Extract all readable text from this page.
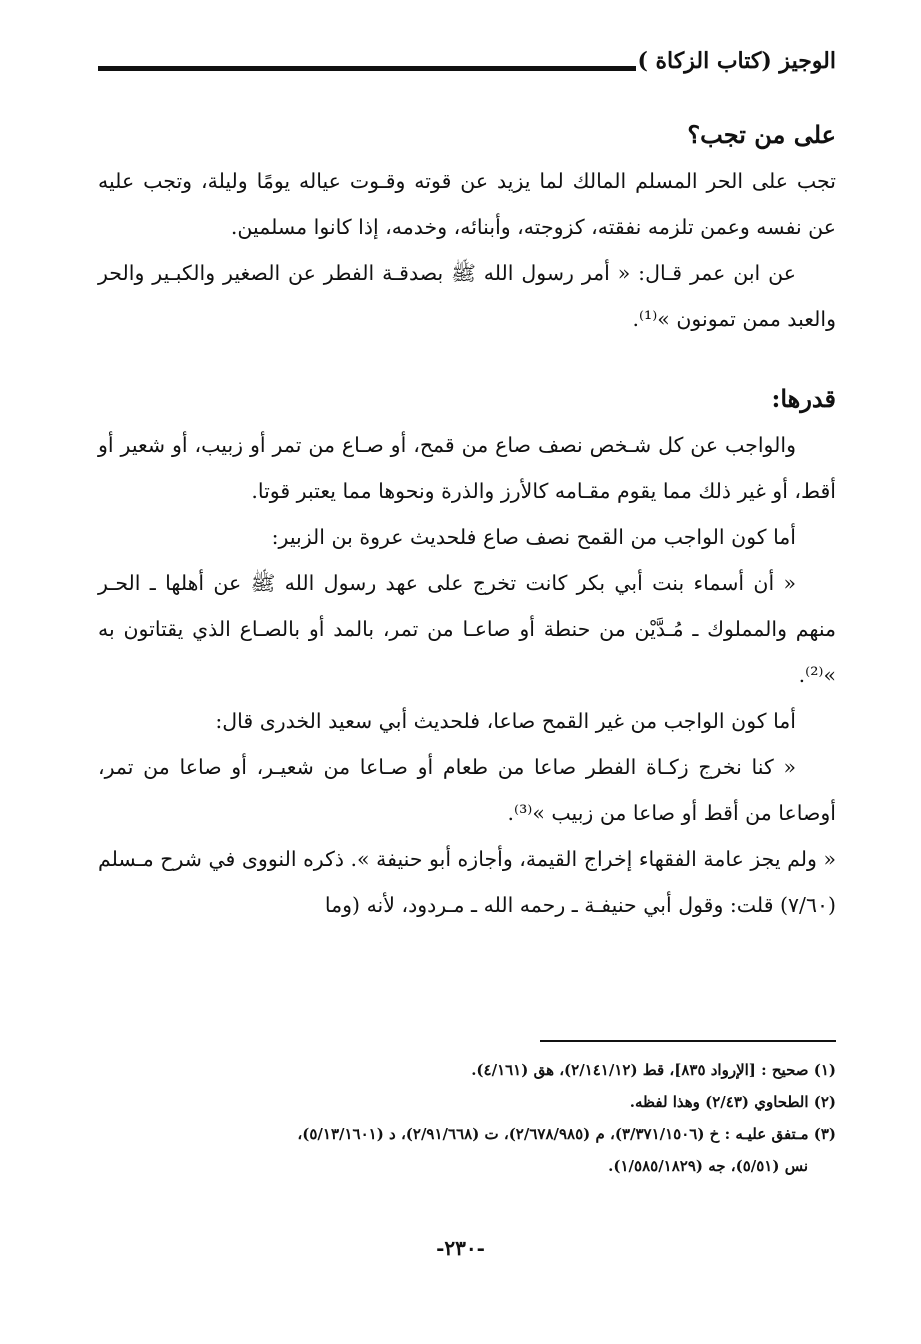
الوجيز (كتاب الزكاة )
على من تجب؟

تجب على الحر المسلم المالك لما يزيد عن قوته وقـوت عياله يومًا وليلة، وتجب عليه عن نفسه وعمن تلزمه نفقته، كزوجته، وأبنائه، وخدمه، إذا كانوا مسلمين.

عن ابن عمر قـال: « أمر رسول الله ﷺ بصدقـة الفطر عن الصغير والكبـير والحر والعبد ممن تمونون »⁽¹⁾.

قدرها:

والواجب عن كل شـخص نصف صاع من قمح، أو صـاع من تمر أو زبيب، أو شعير أو أقط، أو غير ذلك مما يقوم مقـامه كالأرز والذرة ونحوها مما يعتبر قوتا.

أما كون الواجب من القمح نصف صاع فلحديث عروة بن الزبير:

« أن أسماء بنت أبي بكر كانت تخرج على عهد رسول الله ﷺ عن أهلها ـ الحـر منهم والمملوك ـ مُـدَّيْن من حنطة أو صاعـا من تمر، بالمد أو بالصـاع الذي يقتاتون به »⁽²⁾.

أما كون الواجب من غير القمح صاعا، فلحديث أبي سعيد الخدرى قال:

« كنا نخرج زكـاة الفطر صاعا من طعام أو صـاعا من شعيـر، أو صاعا من تمر، أوصاعا من أقط أو صاعا من زبيب »⁽³⁾.

« ولم يجز عامة الفقهاء إخراج القيمة، وأجازه أبو حنيفة ». ذكره النووى في شرح مـسلم (٧/٦٠) قلت: وقول أبي حنيفـة ـ رحمه الله ـ مـردود، لأنه (وما

(١) صحيح : [الإرواد ٨٣٥]، قط (٢/١٤١/١٢)، هق (٤/١٦١).

(٢) الطحاوي (٢/٤٣) وهذا لفظه.

(٣) مـتفق عليـه : خ (٣/٣٧١/١٥٠٦)، م (٢/٦٧٨/٩٨٥)، ت (٢/٩١/٦٦٨)، د (٥/١٣/١٦٠١)،

نس (٥/٥١)، جه (١/٥٨٥/١٨٢٩).

-٢٣٠-
